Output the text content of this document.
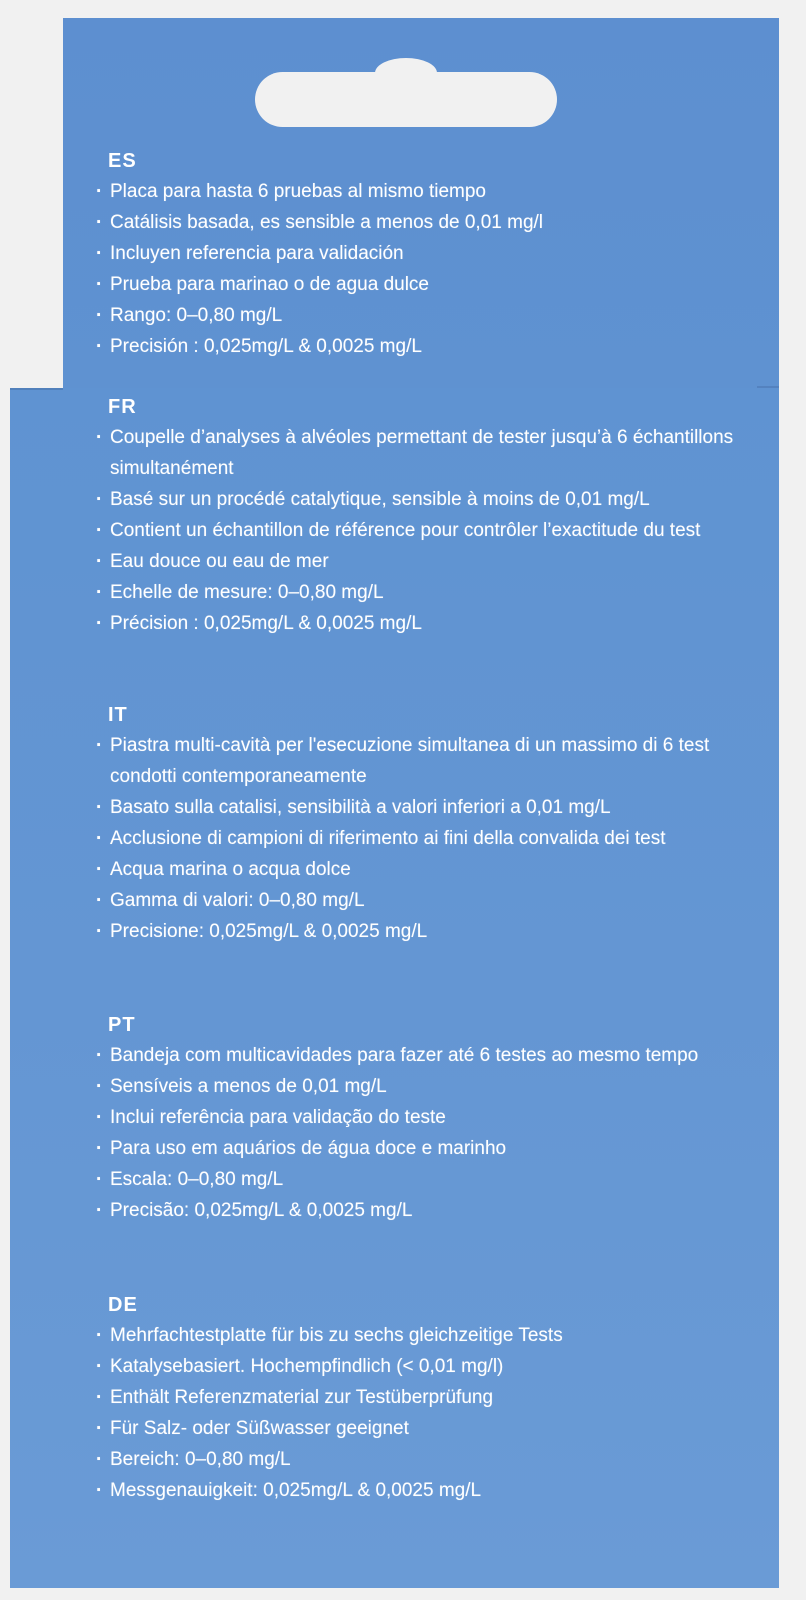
ES
· Placa para hasta 6 pruebas al mismo tiempo
· Catálisis basada, es sensible a menos de 0,01 mg/l
· Incluyen referencia para validación
· Prueba para marinao o de agua dulce
· Rango: 0–0,80 mg/L
· Precisión : 0,025mg/L & 0,0025 mg/L
FR
· Coupelle d’analyses à alvéoles permettant de tester jusqu’à 6 échantillons simultanément
· Basé sur un procédé catalytique, sensible à moins de 0,01 mg/L
· Contient un échantillon de référence pour contrôler l’exactitude du test
· Eau douce ou eau de mer
· Echelle de mesure: 0–0,80 mg/L
· Précision : 0,025mg/L & 0,0025 mg/L
IT
· Piastra multi-cavità per l'esecuzione simultanea di un massimo di 6 test condotti contemporaneamente
· Basato sulla catalisi, sensibilità a valori inferiori a 0,01 mg/L
· Acclusione di campioni di riferimento ai fini della convalida dei test
· Acqua marina o acqua dolce
· Gamma di valori: 0–0,80 mg/L
· Precisione: 0,025mg/L & 0,0025 mg/L
PT
· Bandeja com multicavidades para fazer até 6 testes ao mesmo tempo
· Sensíveis a menos de 0,01 mg/L
· Inclui referência para validação do teste
· Para uso em aquários de água doce e marinho
· Escala: 0–0,80 mg/L
· Precisão: 0,025mg/L & 0,0025 mg/L
DE
· Mehrfachtestplatte für bis zu sechs gleichzeitige Tests
· Katalysebasiert. Hochempfindlich (< 0,01 mg/l)
· Enthält Referenzmaterial zur Testüberprüfung
· Für Salz- oder Süßwasser geeignet
· Bereich: 0–0,80 mg/L
· Messgenauigkeit: 0,025mg/L & 0,0025 mg/L
